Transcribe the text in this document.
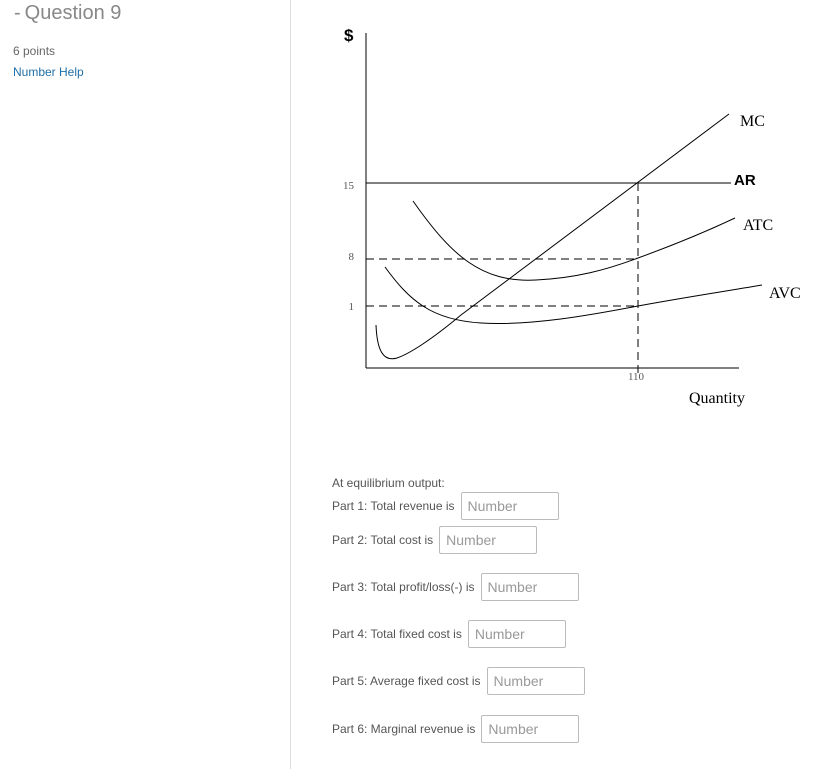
- Question 9
6 points
Number Help
$
15
8
1
110
MC
AR
ATC
AVC
Quantity
At equilibrium output:
Part 1: Total revenue is
Number
Part 2: Total cost is
Number
Part 3: Total profit/loss(-) is
Number
Part 4: Total fixed cost is
Number
Part 5: Average fixed cost is
Number
Part 6: Marginal revenue is
Number
